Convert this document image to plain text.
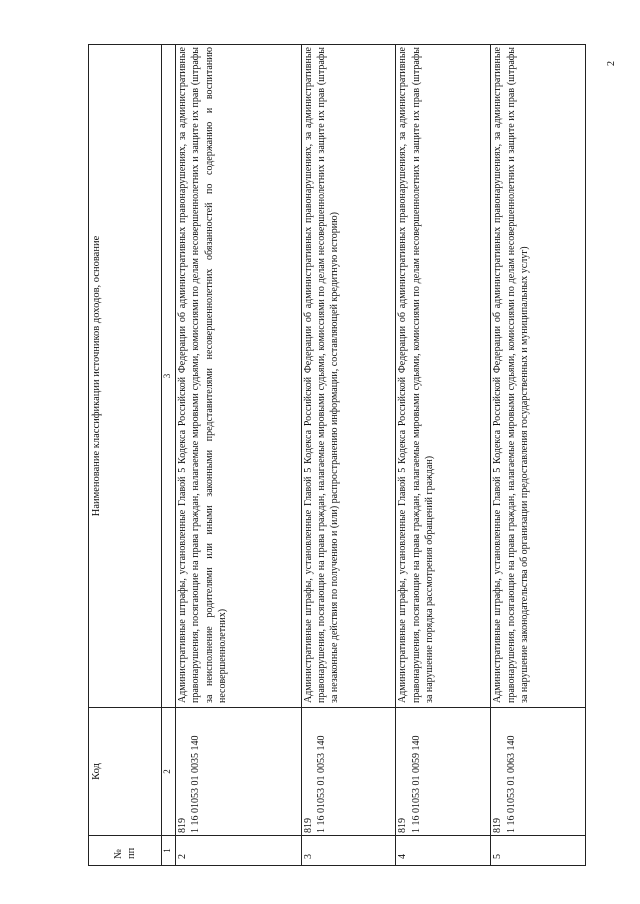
2
№ пп	Код	Наименование классификации источников доходов, основание
1	2	3
2	819 1 16 01053 01 0035 140	Административные штрафы, установленные Главой 5 Кодекса Российской Федерации об административных правонарушениях, за административные правонарушения, посягающие на права граждан, налагаемые мировыми судьями, комиссиями по делам несовершеннолетних и защите их прав (штрафы за неисполнение родителями или иными законными представителями несовершеннолетних обязанностей по содержанию и воспитанию несовершеннолетних)
3	819 1 16 01053 01 0053 140	Административные штрафы, установленные Главой 5 Кодекса Российской Федерации об административных правонарушениях, за административные правонарушения, посягающие на права граждан, налагаемые мировыми судьями, комиссиями по делам несовершеннолетних и защите их прав (штрафы за незаконные действия по получению и (или) распространению информации, составляющей кредитную историю)
4	819 1 16 01053 01 0059 140	Административные штрафы, установленные Главой 5 Кодекса Российской Федерации об административных правонарушениях, за административные правонарушения, посягающие на права граждан, налагаемые мировыми судьями, комиссиями по делам несовершеннолетних и защите их прав (штрафы за нарушение порядка рассмотрения обращений граждан)
5	819 1 16 01053 01 0063 140	Административные штрафы, установленные Главой 5 Кодекса Российской Федерации об административных правонарушениях, за административные правонарушения, посягающие на права граждан, налагаемые мировыми судьями, комиссиями по делам несовершеннолетних и защите их прав (штрафы за нарушение законодательства об организации предоставления государственных и муниципальных услуг)
